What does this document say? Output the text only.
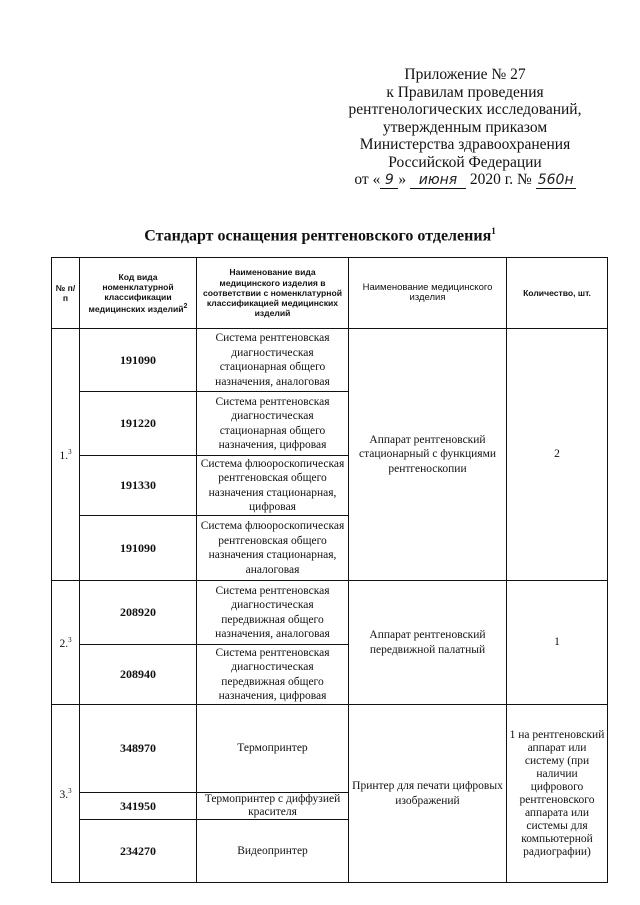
Приложение № 27
к Правилам проведения
рентгенологических исследований,
утвержденным приказом
Министерства здравоохранения
Российской Федерации
от « 9 » июня 2020 г. № 560н
Стандарт оснащения рентгеновского отделения$^1$
№ п/п	Код вида номенклатурной классификации медицинских изделий$^2$	Наименование вида медицинского изделия в соответствии с номенклатурной классификацией медицинских изделий	Наименование медицинского изделия	Количество, шт.
1.$^3$	191090	Система рентгеновская диагностическая стационарная общего назначения, аналоговая	Аппарат рентгеновский стационарный с функциями рентгеноскопии	2
	191220	Система рентгеновская диагностическая стационарная общего назначения, цифровая		
	191330	Система флюороскопическая рентгеновская общего назначения стационарная, цифровая		
	191090	Система флюороскопическая рентгеновская общего назначения стационарная, аналоговая		
2.$^3$	208920	Система рентгеновская диагностическая передвижная общего назначения, аналоговая	Аппарат рентгеновский передвижной палатный	1
	208940	Система рентгеновская диагностическая передвижная общего назначения, цифровая		
3.$^3$	348970	Термопринтер	Принтер для печати цифровых изображений	1 на рентгеновский аппарат или систему (при наличии цифрового рентгеновского аппарата или системы для компьютерной радиографии)
	341950	Термопринтер с диффузией красителя		
	234270	Видеопринтер		
